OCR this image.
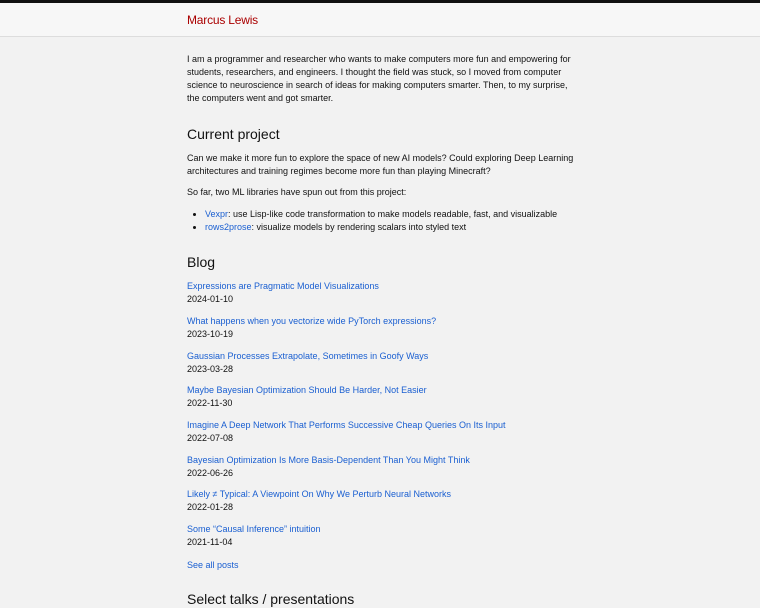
Marcus Lewis

I am a programmer and researcher who wants to make computers more fun and empowering for students, researchers, and engineers. I thought the field was stuck, so I moved from computer science to neuroscience in search of ideas for making computers smarter. Then, to my surprise, the computers went and got smarter.

Current project

Can we make it more fun to explore the space of new AI models? Could exploring Deep Learning architectures and training regimes become more fun than playing Minecraft?

So far, two ML libraries have spun out from this project:

• Vexpr: use Lisp-like code transformation to make models readable, fast, and visualizable
• rows2prose: visualize models by rendering scalars into styled text
Blog
Expressions are Pragmatic Model Visualizations
2024-01-10
What happens when you vectorize wide PyTorch expressions?
2023-10-19
Gaussian Processes Extrapolate, Sometimes in Goofy Ways
2023-03-28
Maybe Bayesian Optimization Should Be Harder, Not Easier
2022-11-30
Imagine A Deep Network That Performs Successive Cheap Queries On Its Input
2022-07-08
Bayesian Optimization Is More Basis-Dependent Than You Might Think
2022-06-26
Likely ≠ Typical: A Viewpoint On Why We Perturb Neural Networks
2022-01-28
Some “Causal Inference” intuition
2021-11-04
See all posts
Select talks / presentations
